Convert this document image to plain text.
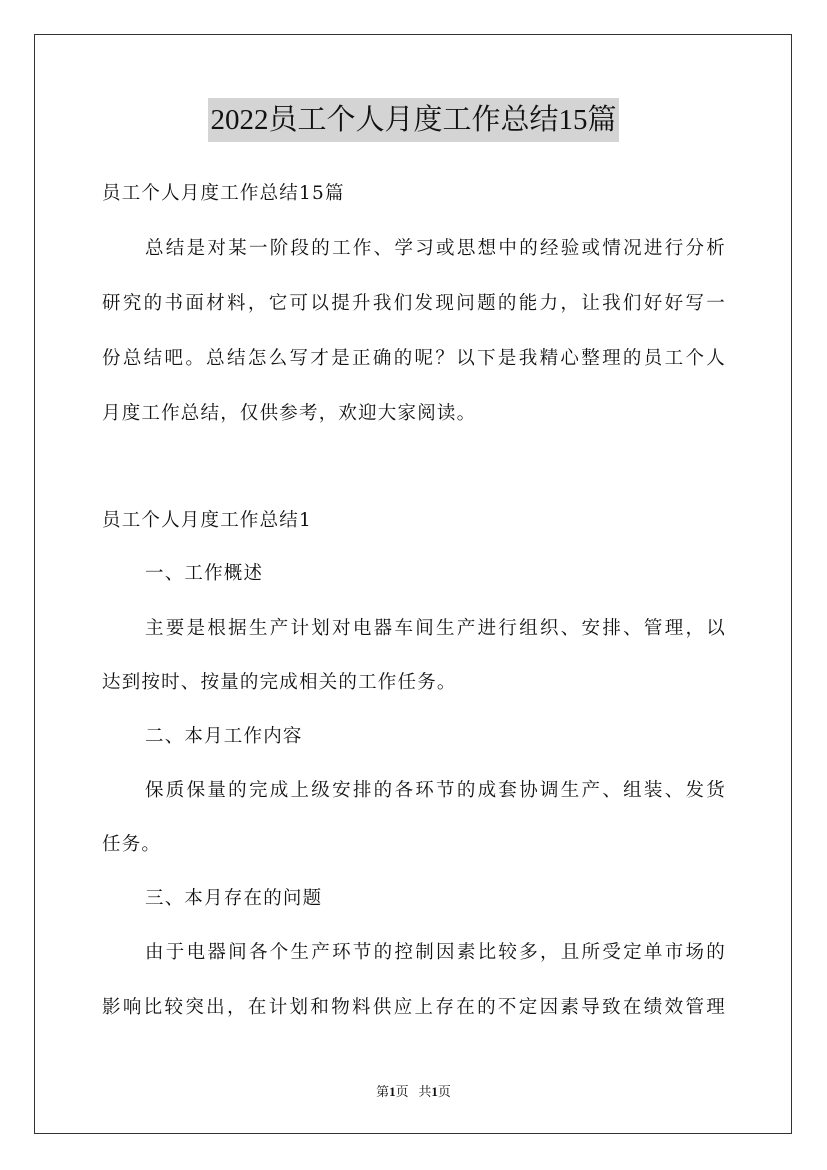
2022员工个人月度工作总结15篇
员工个人月度工作总结15篇
总结是对某一阶段的工作、学习或思想中的经验或情况进行分析
研究的书面材料，它可以提升我们发现问题的能力，让我们好好写一
份总结吧。总结怎么写才是正确的呢？以下是我精心整理的员工个人
月度工作总结，仅供参考，欢迎大家阅读。
员工个人月度工作总结1
一、工作概述
主要是根据生产计划对电器车间生产进行组织、安排、管理，以
达到按时、按量的完成相关的工作任务。
二、本月工作内容
保质保量的完成上级安排的各环节的成套协调生产、组装、发货
任务。
三、本月存在的问题
由于电器间各个生产环节的控制因素比较多，且所受定单市场的
影响比较突出，在计划和物料供应上存在的不定因素导致在绩效管理
第1页 共1页
